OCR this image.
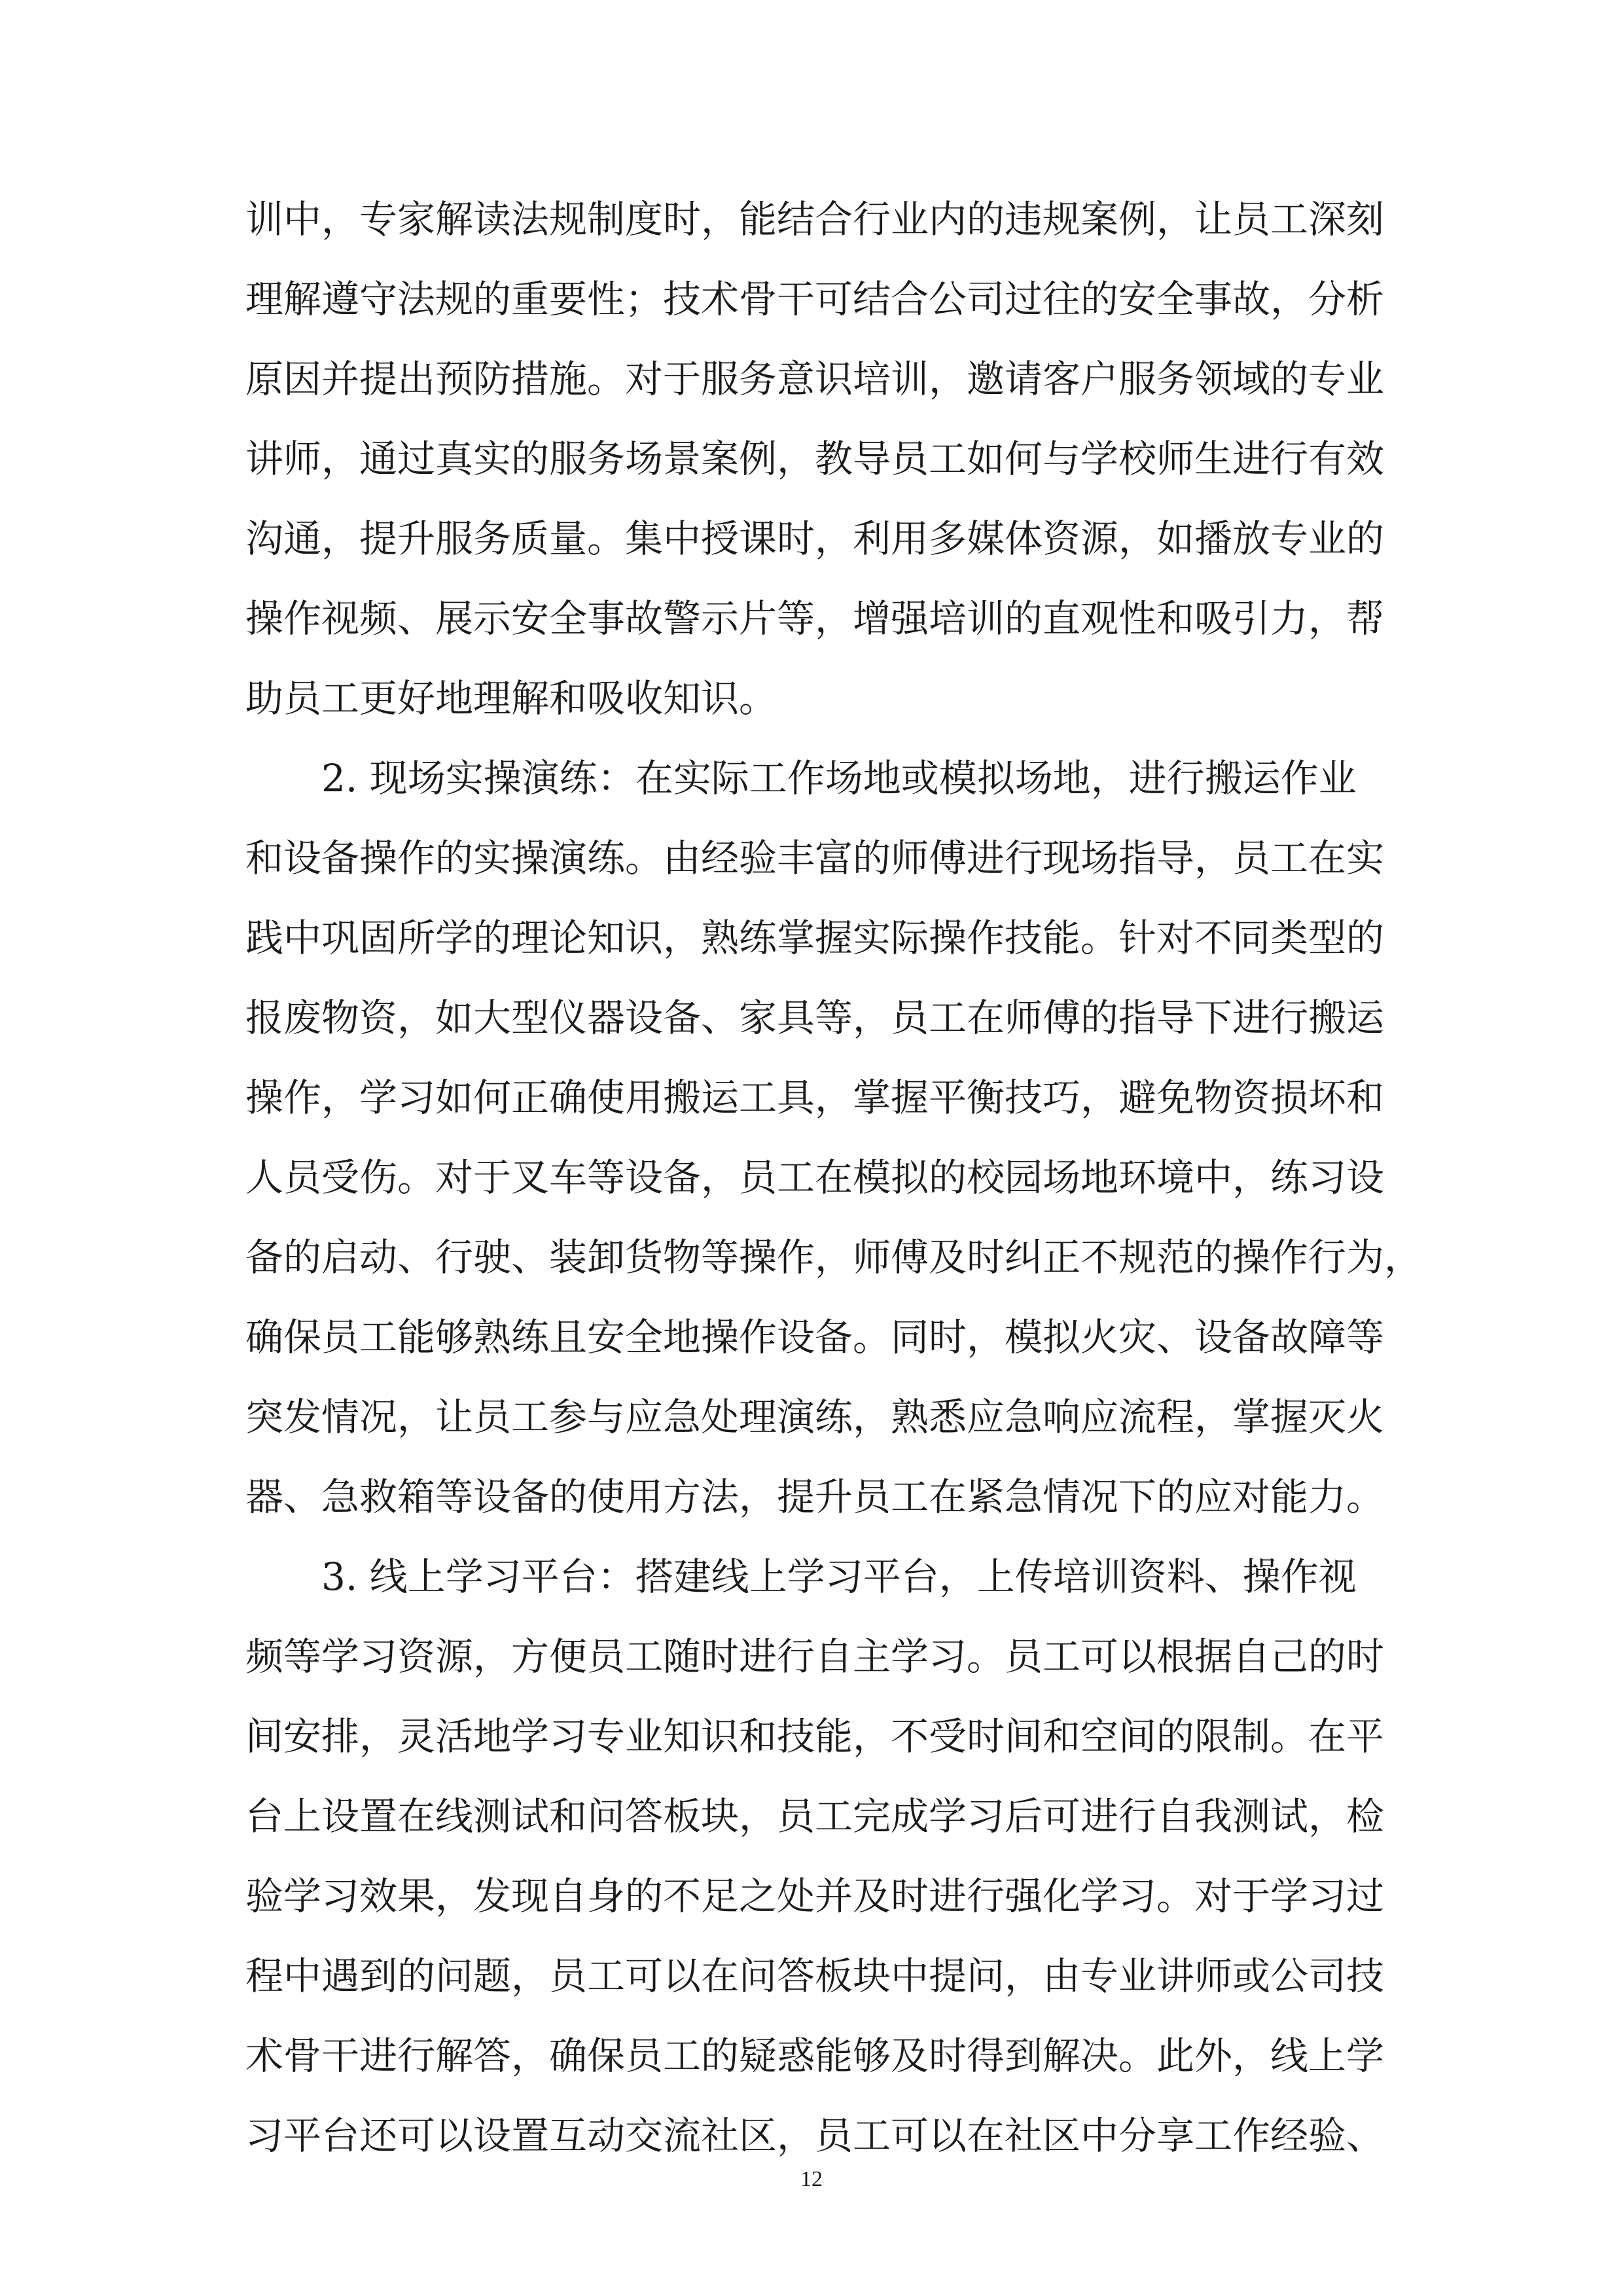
训中，专家解读法规制度时，能结合行业内的违规案例，让员工深刻
理解遵守法规的重要性；技术骨干可结合公司过往的安全事故，分析
原因并提出预防措施。对于服务意识培训，邀请客户服务领域的专业
讲师，通过真实的服务场景案例，教导员工如何与学校师生进行有效
沟通，提升服务质量。集中授课时，利用多媒体资源，如播放专业的
操作视频、展示安全事故警示片等，增强培训的直观性和吸引力，帮
助员工更好地理解和吸收知识。
2. 现场实操演练：在实际工作场地或模拟场地，进行搬运作业
和设备操作的实操演练。由经验丰富的师傅进行现场指导，员工在实
践中巩固所学的理论知识，熟练掌握实际操作技能。针对不同类型的
报废物资，如大型仪器设备、家具等，员工在师傅的指导下进行搬运
操作，学习如何正确使用搬运工具，掌握平衡技巧，避免物资损坏和
人员受伤。对于叉车等设备，员工在模拟的校园场地环境中，练习设
备的启动、行驶、装卸货物等操作，师傅及时纠正不规范的操作行为，
确保员工能够熟练且安全地操作设备。同时，模拟火灾、设备故障等
突发情况，让员工参与应急处理演练，熟悉应急响应流程，掌握灭火
器、急救箱等设备的使用方法，提升员工在紧急情况下的应对能力。
3. 线上学习平台：搭建线上学习平台，上传培训资料、操作视
频等学习资源，方便员工随时进行自主学习。员工可以根据自己的时
间安排，灵活地学习专业知识和技能，不受时间和空间的限制。在平
台上设置在线测试和问答板块，员工完成学习后可进行自我测试，检
验学习效果，发现自身的不足之处并及时进行强化学习。对于学习过
程中遇到的问题，员工可以在问答板块中提问，由专业讲师或公司技
术骨干进行解答，确保员工的疑惑能够及时得到解决。此外，线上学
习平台还可以设置互动交流社区，员工可以在社区中分享工作经验、
12
